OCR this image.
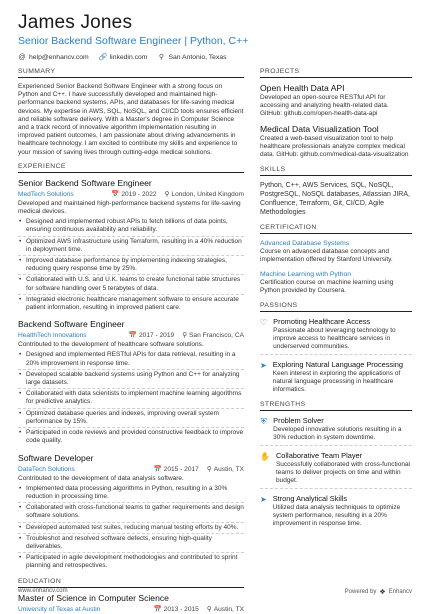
James Jones
Senior Backend Software Engineer | Python, C++
@ help@enhancv.com 🔗 linkedin.com ⚲ San Antonio, Texas
SUMMARY
Experienced Senior Backend Software Engineer with a strong focus on Python and C++. I have successfully developed and maintained high-performance backend systems, APIs, and databases for life-saving medical devices. My expertise in AWS, SQL, NoSQL, and CI/CD tools ensures efficient and reliable software delivery. With a Master's degree in Computer Science and a track record of innovative algorithm implementation resulting in improved patient outcomes, I am passionate about driving advancements in healthcare technology. I am excited to contribute my skills and experience to your mission of saving lives through cutting-edge medical solutions.
EXPERIENCE
Senior Backend Software Engineer
MedTech Solutions	📅 2019 - 2022 ⚲ London, United Kingdom
Developed and maintained high-performance backend systems for life-saving medical devices.
• Designed and implemented robust APIs to fetch billions of data points, ensuring continuous availability and reliability.
• Optimized AWS infrastructure using Terraform, resulting in a 40% reduction in deployment time.
• Improved database performance by implementing indexing strategies, reducing query response time by 25%.
• Collaborated with U.S. and U.K. teams to create functional table structures for software handling over 5 terabytes of data.
• Integrated electronic healthcare management software to ensure accurate patient information, resulting in improved patient care.
Backend Software Engineer
HealthTech Innovations	📅 2017 - 2019 ⚲ San Francisco, CA
Contributed to the development of healthcare software solutions.
• Designed and implemented RESTful APIs for data retrieval, resulting in a 20% improvement in response time.
• Developed scalable backend systems using Python and C++ for analyzing large datasets.
• Collaborated with data scientists to implement machine learning algorithms for predictive analytics.
• Optimized database queries and indexes, improving overall system performance by 15%.
• Participated in code reviews and provided constructive feedback to improve code quality.
Software Developer
DataTech Solutions	📅 2015 - 2017 ⚲ Austin, TX
Contributed to the development of data analysis software.
• Implemented data processing algorithms in Python, resulting in a 30% reduction in processing time.
• Collaborated with cross-functional teams to gather requirements and design software solutions.
• Developed automated test suites, reducing manual testing efforts by 40%.
• Troubleshot and resolved software defects, ensuring high-quality deliverables.
• Participated in agile development methodologies and contributed to sprint planning and retrospectives.
EDUCATION
Master of Science in Computer Science
University of Texas at Austin	📅 2013 - 2015 ⚲ Austin, TX
PROJECTS
Open Health Data API
Developed an open-source RESTful API for accessing and analyzing health-related data. GitHub: github.com/open-health-data-api
Medical Data Visualization Tool
Created a web-based visualization tool to help healthcare professionals analyze complex medical data. GitHub: github.com/medical-data-visualization
SKILLS
Python, C++, AWS Services, SQL, NoSQL, PostgreSQL, NoSQL databases, Atlassian JIRA, Confluence, Terraform, Git, CI/CD, Agile Methodologies
CERTIFICATION
Advanced Database Systems
Course on advanced database concepts and implementation offered by Stanford University.
Machine Learning with Python
Certification course on machine learning using Python provided by Coursera.
PASSIONS
♡ Promoting Healthcare Access
Passionate about leveraging technology to improve access to healthcare services in underserved communities.
➤ Exploring Natural Language Processing
Keen interest in exploring the applications of natural language processing in healthcare informatics.
STRENGTHS
⛨ Problem Solver
Developed innovative solutions resulting in a 30% reduction in system downtime.
✋ Collaborative Team Player
Successfully collaborated with cross-functional teams to deliver projects on time and within budget.
➤ Strong Analytical Skills
Utilized data analysis techniques to optimize system performance, resulting in a 20% improvement in response time.
www.enhancv.com	Powered by ❖ Enhancv
